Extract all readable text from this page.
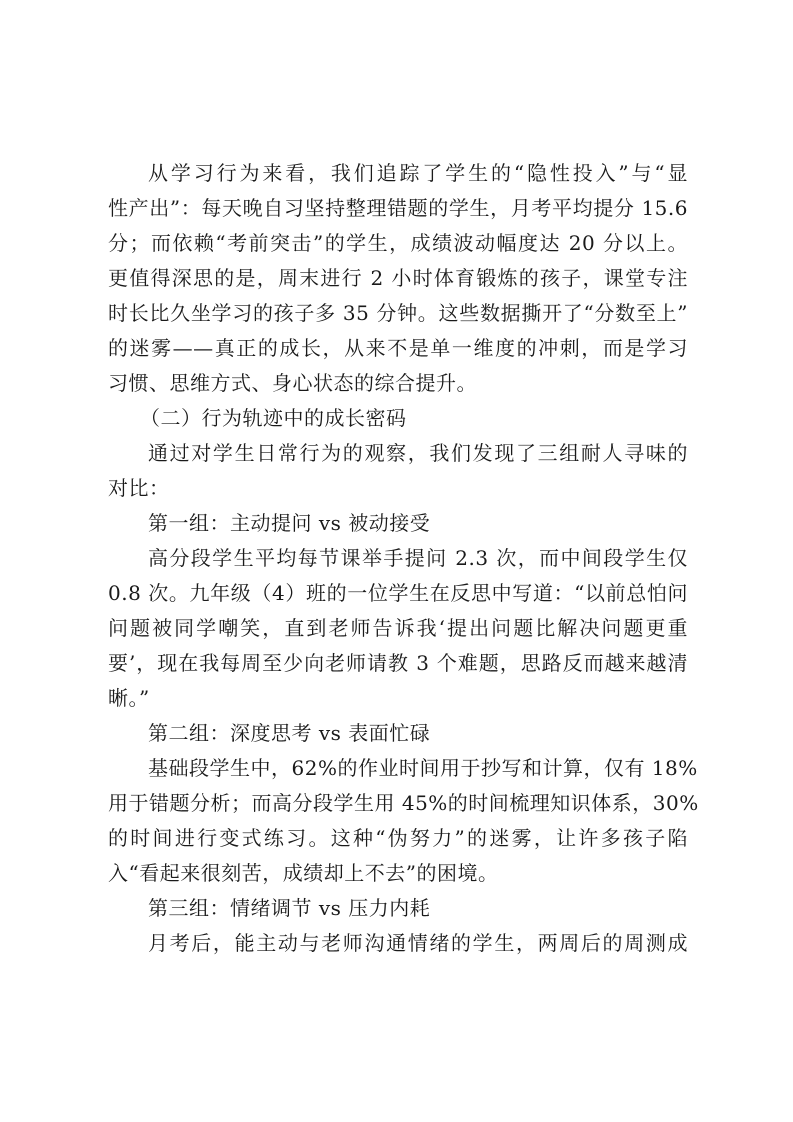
从学习行为来看，我们追踪了学生的“隐性投入”与“显
性产出”：每天晚自习坚持整理错题的学生，月考平均提分 15.6
分；而依赖“考前突击”的学生，成绩波动幅度达 20 分以上。
更值得深思的是，周末进行 2 小时体育锻炼的孩子，课堂专注
时长比久坐学习的孩子多 35 分钟。这些数据撕开了“分数至上”
的迷雾——真正的成长，从来不是单一维度的冲刺，而是学习
习惯、思维方式、身心状态的综合提升。
（二）行为轨迹中的成长密码
通过对学生日常行为的观察，我们发现了三组耐人寻味的
对比：
第一组：主动提问 vs 被动接受
高分段学生平均每节课举手提问 2.3 次，而中间段学生仅
0.8 次。九年级（4）班的一位学生在反思中写道：“以前总怕问
问题被同学嘲笑，直到老师告诉我‘提出问题比解决问题更重
要’，现在我每周至少向老师请教 3 个难题，思路反而越来越清
晰。”
第二组：深度思考 vs 表面忙碌
基础段学生中，62%的作业时间用于抄写和计算，仅有 18%
用于错题分析；而高分段学生用 45%的时间梳理知识体系，30%
的时间进行变式练习。这种“伪努力”的迷雾，让许多孩子陷
入“看起来很刻苦，成绩却上不去”的困境。
第三组：情绪调节 vs 压力内耗
月考后，能主动与老师沟通情绪的学生，两周后的周测成
